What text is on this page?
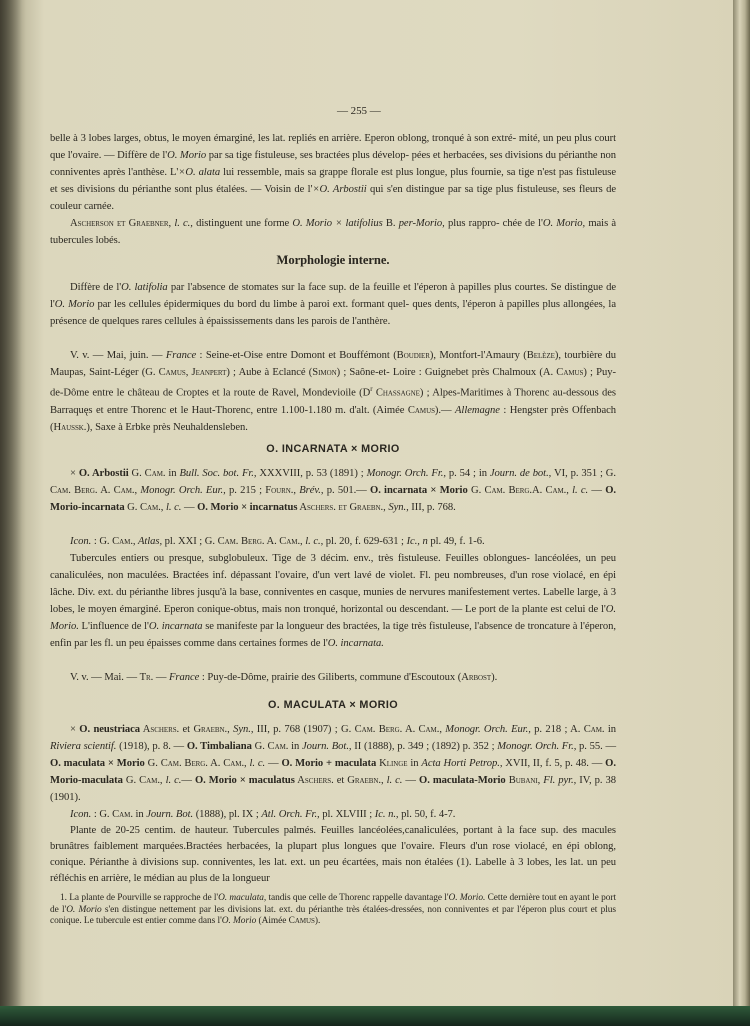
— 255 —
belle à 3 lobes larges, obtus, le moyen émarginé, les lat. repliés en arrière. Eperon oblong, tronqué à son extré- mité, un peu plus court que l'ovaire. — Diffère de l'O. Morio par sa tige fistuleuse, ses bractées plus dévelop- pées et herbacées, ses divisions du périanthe non conniventes après l'anthèse. L'×O. alata lui ressemble, mais sa grappe florale est plus longue, plus fournie, sa tige n'est pas fistuleuse et ses divisions du périanthe sont plus étalées. — Voisin de l'×O. Arbostii qui s'en distingue par sa tige plus fistuleuse, ses fleurs de couleur carnée.
Ascherson et Graebner, l. c., distinguent une forme O. Morio × latifolius B. per-Morio, plus rappro- chée de l'O. Morio, mais à tubercules lobés.
Morphologie interne.
Diffère de l'O. latifolia par l'absence de stomates sur la face sup. de la feuille et l'éperon à papilles plus courtes. Se distingue de l'O. Morio par les cellules épidermiques du bord du limbe à paroi ext. formant quel- ques dents, l'éperon à papilles plus allongées, la présence de quelques rares cellules à épaississements dans les parois de l'anthère.
V. v. — Mai, juin. — France : Seine-et-Oise entre Domont et Bouffémont (Boudier), Montfort-l'Amaury (Belèze), tourbière du Maupas, Saint-Léger (G. Camus, Jeanpert) ; Aube à Eclancé (Simon) ; Saône-et- Loire : Guignebet près Chalmoux (A. Camus) ; Puy-de-Dôme entre le château de Croptes et la route de Ravel, Mondevioile ($D^r$ Chassagne) ; Alpes-Maritimes à Thorenc au-dessous des Barraquęs et entre Thorenc et le Haut-Thorenc, entre 1.100-1.180 m. d'alt. (Aimée Camus).— Allemagne : Hengster près Offenbach (Haussk.), Saxe à Erbke près Neuhaldensleben.
O. INCARNATA × MORIO
× O. Arbostii G. Cam. in Bull. Soc. bot. Fr., XXXVIII, p. 53 (1891) ; Monogr. Orch. Fr., p. 54 ; in Journ. de bot., VI, p. 351 ; G. Cam. Berg. A. Cam., Monogr. Orch. Eur., p. 215 ; Fourn., Brév., p. 501.— O. incarnata × Morio G. Cam. Berg.A. Cam., l. c. — O. Morio-incarnata G. Cam., l. c. — O. Morio × incarnatus Aschers. et Graebn., Syn., III, p. 768.
Icon. : G. Cam., Atlas, pl. XXI ; G. Cam. Berg. A. Cam., l. c., pl. 20, f. 629-631 ; Ic., n pl. 49, f. 1-6.
Tubercules entiers ou presque, subglobuleux. Tige de 3 décim. env., très fistuleuse. Feuilles oblongues- lancéolées, un peu canaliculées, non maculées. Bractées inf. dépassant l'ovaire, d'un vert lavé de violet. Fl. peu nombreuses, d'un rose violacé, en épi lâche. Div. ext. du périanthe libres jusqu'à la base, conniventes en casque, munies de nervures manifestement vertes. Labelle large, à 3 lobes, le moyen émarginé. Eperon conique-obtus, mais non tronqué, horizontal ou descendant. — Le port de la plante est celui de l'O. Morio. L'influence de l'O. incarnata se manifeste par la longueur des bractées, la tige très fistuleuse, l'absence de troncature à l'éperon, enfin par les fl. un peu épaisses comme dans certaines formes de l'O. incarnata.
V. v. — Mai. — Tr. — France : Puy-de-Dôme, prairie des Giliberts, commune d'Escoutoux (Arbost).
O. MACULATA × MORIO
× O. neustriaca Aschers. et Graebn., Syn., III, p. 768 (1907) ; G. Cam. Berg. A. Cam., Monogr. Orch. Eur., p. 218 ; A. Cam. in Riviera scientif. (1918), p. 8. — O. Timbaliana G. Cam. in Journ. Bot., II (1888), p. 349 ; (1892) p. 352 ; Monogr. Orch. Fr., p. 55. — O. maculata × Morio G. Cam. Berg. A. Cam., l. c. — O. Morio + maculata Klinge in Acta Horti Petrop., XVII, II, f. 5, p. 48. — O. Morio-maculata G. Cam., l. c.— O. Morio × maculatus Aschers. et Graebn., l. c. — O. maculata-Morio Bubani, Fl. pyr., IV, p. 38 (1901).
Icon. : G. Cam. in Journ. Bot. (1888), pl. IX ; Atl. Orch. Fr., pl. XLVIII ; Ic. n., pl. 50, f. 4-7.
Plante de 20-25 centim. de hauteur. Tubercules palmés. Feuilles lancéolées,canaliculées, portant à la face sup. des macules brunâtres faiblement marquées.Bractées herbacées, la plupart plus longues que l'ovaire. Fleurs d'un rose violacé, en épi oblong, conique. Périanthe à divisions sup. conniventes, les lat. ext. un peu écartées, mais non étalées (1). Labelle à 3 lobes, les lat. un peu réfléchis en arrière, le médian au plus de la longueur

1. La plante de Pourville se rapproche de l'O. maculata, tandis que celle de Thorenc rappelle davantage l'O. Morio. Cette dernière tout en ayant le port de l'O. Morio s'en distingue nettement par les divisions lat. ext. du périanthe très étalées-dressées, non conniventes et par l'éperon plus court et plus conique. Le tubercule est entier comme dans l'O. Morio (Aimée Camus).
